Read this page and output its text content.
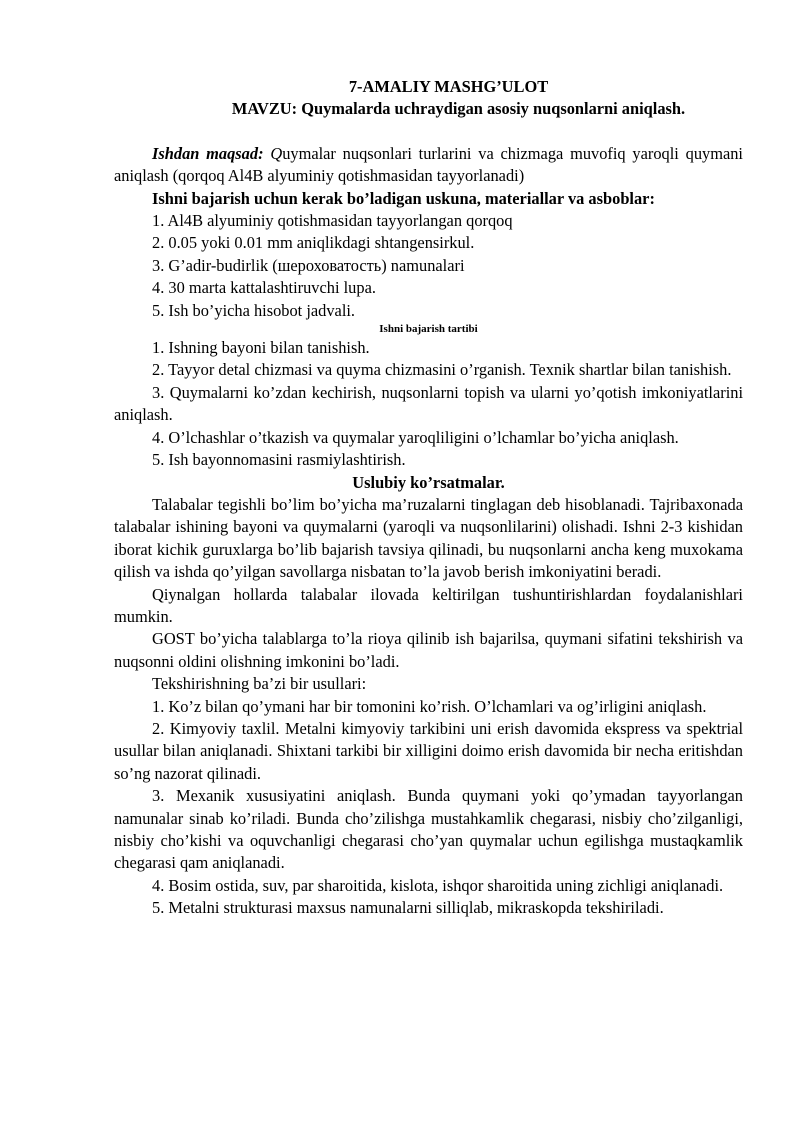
7-AMALIY MASHG’ULOT
MAVZU: Quymalarda uchraydigan asosiy nuqsonlarni aniqlash.

Ishdan maqsad: Quymalar nuqsonlari turlarini va chizmaga muvofiq yaroqli quymani aniqlash (qorqoq Al4B alyuminiy qotishmasidan tayyorlanadi)

Ishni bajarish uchun kerak bo’ladigan uskuna, materiallar va asboblar:

1. Al4B alyuminiy qotishmasidan tayyorlangan qorqoq
2. 0.05 yoki 0.01 mm aniqlikdagi shtangensirkul.
3. G’adir-budirlik (шероховатость) namunalari
4. 30 marta kattalashtiruvchi lupa.
5. Ish bo’yicha hisobot jadvali.
Ishni bajarish tartibi

1. Ishning bayoni bilan tanishish.

2. Tayyor detal chizmasi va quyma chizmasini o’rganish. Texnik shartlar bilan tanishish.

3. Quymalarni ko’zdan kechirish, nuqsonlarni topish va ularni yo’qotish imkoniyatlarini aniqlash.

4. O’lchashlar o’tkazish va quymalar yaroqliligini o’lchamlar bo’yicha aniqlash.

5. Ish bayonnomasini rasmiylashtirish.

Uslubiy ko’rsatmalar.

Talabalar tegishli bo’lim bo’yicha ma’ruzalarni tinglagan deb hisoblanadi. Tajribaxonada talabalar ishining bayoni va quymalarni (yaroqli va nuqsonlilarini) olishadi. Ishni 2-3 kishidan iborat kichik guruxlarga bo’lib bajarish tavsiya qilinadi, bu nuqsonlarni ancha keng muxokama qilish va ishda qo’yilgan savollarga nisbatan to’la javob berish imkoniyatini beradi.

Qiynalgan hollarda talabalar ilovada keltirilgan tushuntirishlardan foydalanishlari mumkin.

GOST bo’yicha talablarga to’la rioya qilinib ish bajarilsa, quymani sifatini tekshirish va nuqsonni oldini olishning imkonini bo’ladi.

Tekshirishning ba’zi bir usullari:

1. Ko’z bilan qo’ymani har bir tomonini ko’rish. O’lchamlari va og’irligini aniqlash.

2. Kimyoviy taxlil. Metalni kimyoviy tarkibini uni erish davomida ekspress va spektrial usullar bilan aniqlanadi. Shixtani tarkibi bir xilligini doimo erish davomida bir necha eritishdan so’ng nazorat qilinadi.

3. Mexanik xususiyatini aniqlash. Bunda quymani yoki qo’ymadan tayyorlangan namunalar sinab ko’riladi. Bunda cho’zilishga mustahkamlik chegarasi, nisbiy cho’zilganligi, nisbiy cho’kishi va oquvchanligi chegarasi cho’yan quymalar uchun egilishga mustaqkamlik chegarasi qam aniqlanadi.

4. Bosim ostida, suv, par sharoitida, kislota, ishqor sharoitida uning zichligi aniqlanadi.

5. Metalni strukturasi maxsus namunalarni silliqlab, mikraskopda tekshiriladi.
